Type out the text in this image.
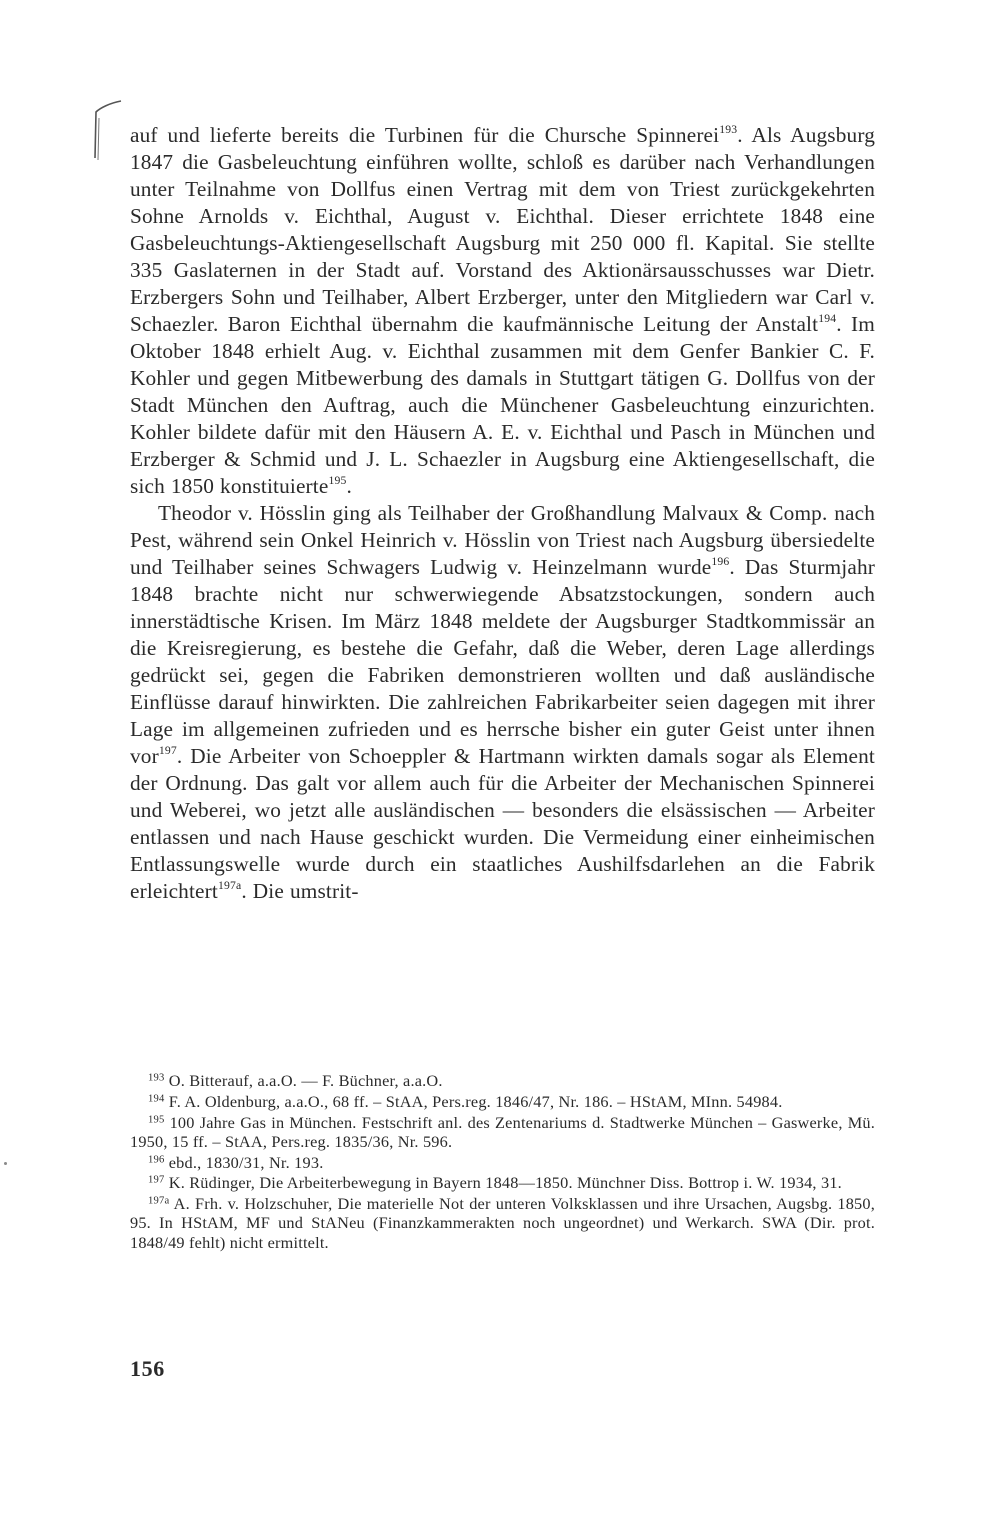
auf und lieferte bereits die Turbinen für die Chursche Spinnerei$^{193}$. Als Augsburg 1847 die Gasbeleuchtung einführen wollte, schloß es darüber nach Verhandlungen unter Teilnahme von Dollfus einen Vertrag mit dem von Triest zurückgekehrten Sohne Arnolds v. Eichthal, August v. Eichthal. Dieser errichtete 1848 eine Gasbeleuchtungs-Aktiengesellschaft Augsburg mit 250 000 fl. Kapital. Sie stellte 335 Gaslaternen in der Stadt auf. Vorstand des Aktionärsausschusses war Dietr. Erzbergers Sohn und Teilhaber, Albert Erzberger, unter den Mitgliedern war Carl v. Schaezler. Baron Eichthal übernahm die kaufmännische Leitung der Anstalt$^{194}$. Im Oktober 1848 erhielt Aug. v. Eichthal zusammen mit dem Genfer Bankier C. F. Kohler und gegen Mitbewerbung des damals in Stuttgart tätigen G. Dollfus von der Stadt München den Auftrag, auch die Münchener Gasbeleuchtung einzurichten. Kohler bildete dafür mit den Häusern A. E. v. Eichthal und Pasch in München und Erzberger & Schmid und J. L. Schaezler in Augsburg eine Aktiengesellschaft, die sich 1850 konstituierte$^{195}$.

Theodor v. Hösslin ging als Teilhaber der Großhandlung Malvaux & Comp. nach Pest, während sein Onkel Heinrich v. Hösslin von Triest nach Augsburg übersiedelte und Teilhaber seines Schwagers Ludwig v. Heinzelmann wurde$^{196}$. Das Sturmjahr 1848 brachte nicht nur schwerwiegende Absatzstockungen, sondern auch innerstädtische Krisen. Im März 1848 meldete der Augsburger Stadtkommissär an die Kreisregierung, es bestehe die Gefahr, daß die Weber, deren Lage allerdings gedrückt sei, gegen die Fabriken demonstrieren wollten und daß ausländische Einflüsse darauf hinwirkten. Die zahlreichen Fabrikarbeiter seien dagegen mit ihrer Lage im allgemeinen zufrieden und es herrsche bisher ein guter Geist unter ihnen vor$^{197}$. Die Arbeiter von Schoeppler & Hartmann wirkten damals sogar als Element der Ordnung. Das galt vor allem auch für die Arbeiter der Mechanischen Spinnerei und Weberei, wo jetzt alle ausländischen — besonders die elsässischen — Arbeiter entlassen und nach Hause geschickt wurden. Die Vermeidung einer einheimischen Entlassungswelle wurde durch ein staatliches Aushilfsdarlehen an die Fabrik erleichtert$^{197a}$. Die umstrit-

$^{193}$ O. Bitterauf, a.a.O. — F. Büchner, a.a.O.
$^{194}$ F. A. Oldenburg, a.a.O., 68 ff. – StAA, Pers.reg. 1846/47, Nr. 186. – HStAM, MInn. 54984.
$^{195}$ 100 Jahre Gas in München. Festschrift anl. des Zentenariums d. Stadtwerke München – Gaswerke, Mü. 1950, 15 ff. – StAA, Pers.reg. 1835/36, Nr. 596.
$^{196}$ ebd., 1830/31, Nr. 193.
$^{197}$ K. Rüdinger, Die Arbeiterbewegung in Bayern 1848—1850. Münchner Diss. Bottrop i. W. 1934, 31.
$^{197a}$ A. Frh. v. Holzschuher, Die materielle Not der unteren Volksklassen und ihre Ursachen, Augsbg. 1850, 95. In HStAM, MF und StANeu (Finanzkammerakten noch ungeordnet) und Werkarch. SWA (Dir. prot. 1848/49 fehlt) nicht ermittelt.
156
